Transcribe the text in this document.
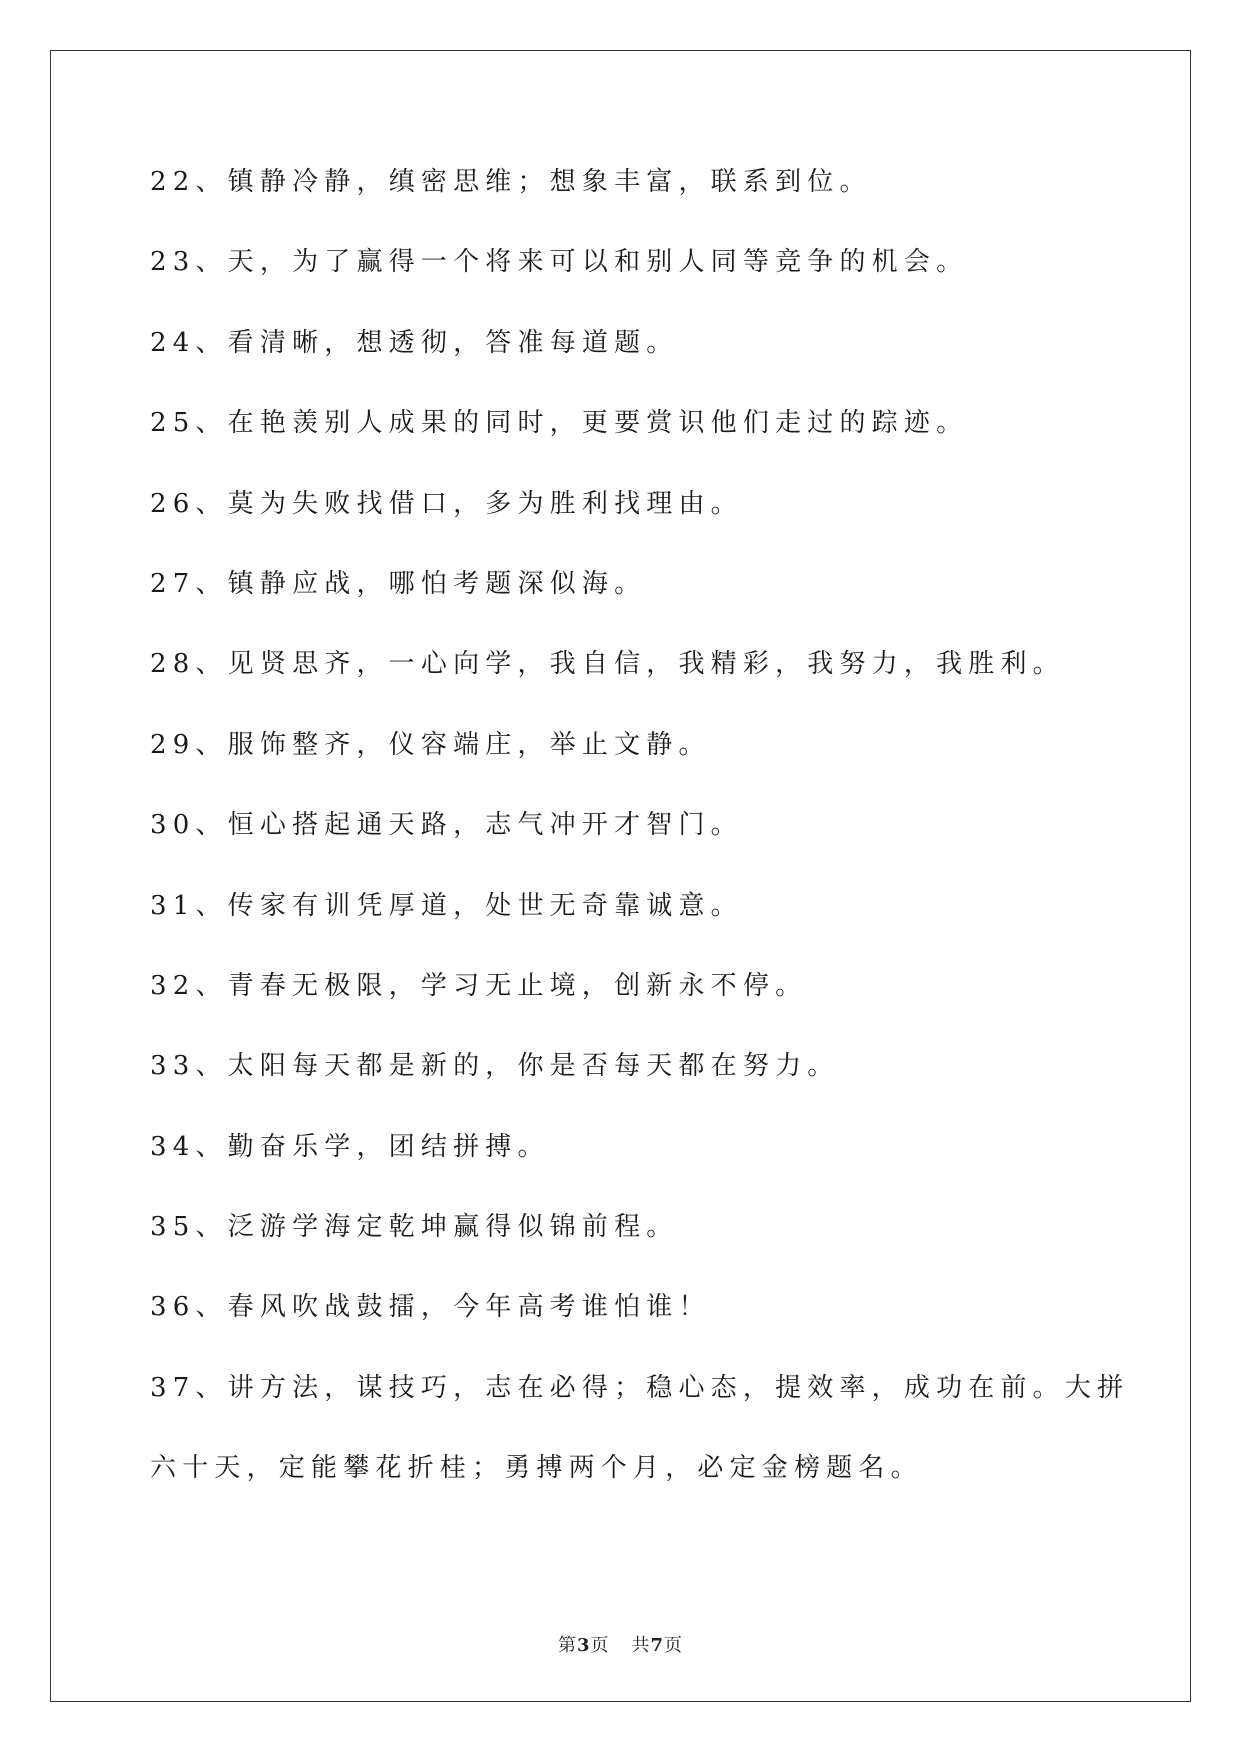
22、镇静冷静，缜密思维；想象丰富，联系到位。
23、天，为了赢得一个将来可以和别人同等竞争的机会。
24、看清晰，想透彻，答准每道题。
25、在艳羡别人成果的同时，更要赏识他们走过的踪迹。
26、莫为失败找借口，多为胜利找理由。
27、镇静应战，哪怕考题深似海。
28、见贤思齐，一心向学，我自信，我精彩，我努力，我胜利。
29、服饰整齐，仪容端庄，举止文静。
30、恒心搭起通天路，志气冲开才智门。
31、传家有训凭厚道，处世无奇靠诚意。
32、青春无极限，学习无止境，创新永不停。
33、太阳每天都是新的，你是否每天都在努力。
34、勤奋乐学，团结拼搏。
35、泛游学海定乾坤赢得似锦前程。
36、春风吹战鼓擂，今年高考谁怕谁！
37、讲方法，谋技巧，志在必得；稳心态，提效率，成功在前。大拼
六十天，定能攀花折桂；勇搏两个月，必定金榜题名。
第3页 共7页
